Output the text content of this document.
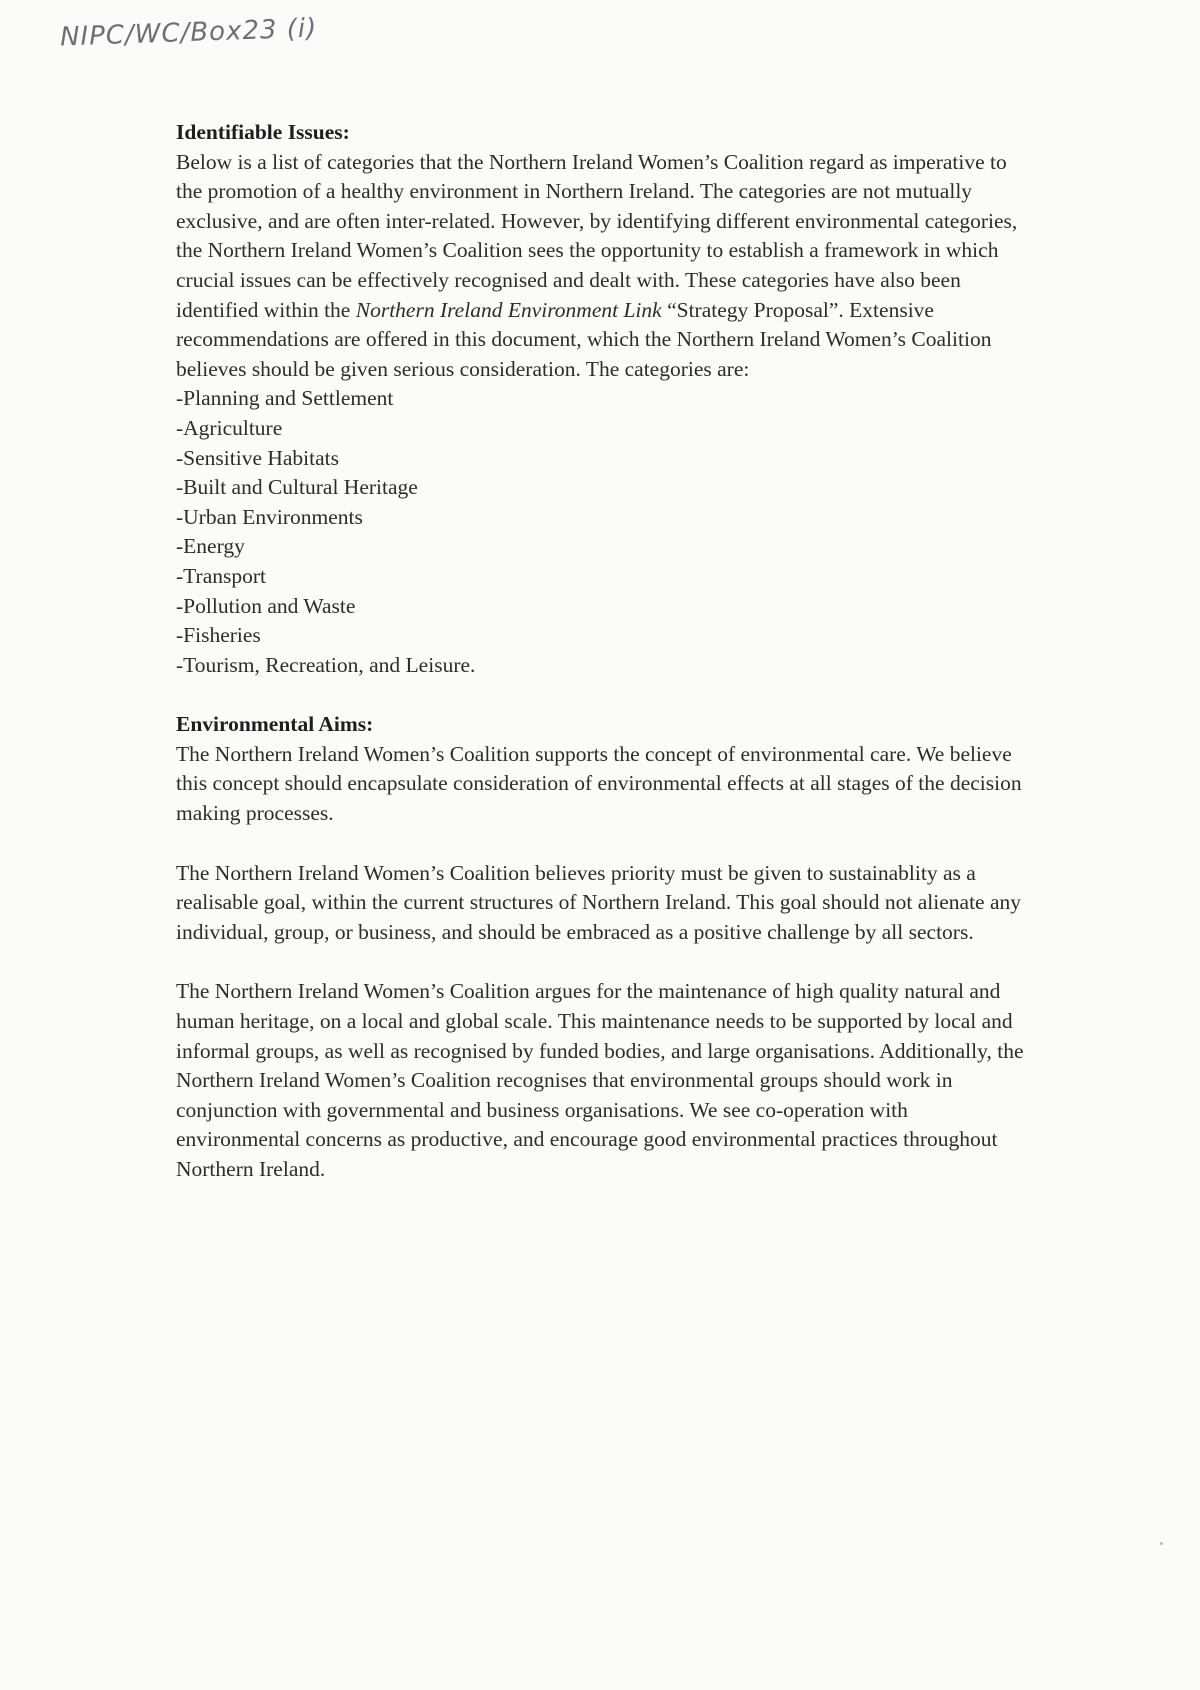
NIPC/WC/Box23 (i)

Identifiable Issues:

Below is a list of categories that the Northern Ireland Women’s Coalition regard as imperative to the promotion of a healthy environment in Northern Ireland. The categories are not mutually exclusive, and are often inter-related. However, by identifying different environmental categories, the Northern Ireland Women’s Coalition sees the opportunity to establish a framework in which crucial issues can be effectively recognised and dealt with. These categories have also been identified within the Northern Ireland Environment Link “Strategy Proposal”. Extensive recommendations are offered in this document, which the Northern Ireland Women’s Coalition believes should be given serious consideration. The categories are:

-Planning and Settlement
-Agriculture
-Sensitive Habitats
-Built and Cultural Heritage
-Urban Environments
-Energy
-Transport
-Pollution and Waste
-Fisheries
-Tourism, Recreation, and Leisure.

Environmental Aims:

The Northern Ireland Women’s Coalition supports the concept of environmental care. We believe this concept should encapsulate consideration of environmental effects at all stages of the decision making processes.

The Northern Ireland Women’s Coalition believes priority must be given to sustainablity as a realisable goal, within the current structures of Northern Ireland. This goal should not alienate any individual, group, or business, and should be embraced as a positive challenge by all sectors.

The Northern Ireland Women’s Coalition argues for the maintenance of high quality natural and human heritage, on a local and global scale. This maintenance needs to be supported by local and informal groups, as well as recognised by funded bodies, and large organisations. Additionally, the Northern Ireland Women’s Coalition recognises that environmental groups should work in conjunction with governmental and business organisations. We see co-operation with environmental concerns as productive, and encourage good environmental practices throughout Northern Ireland.
